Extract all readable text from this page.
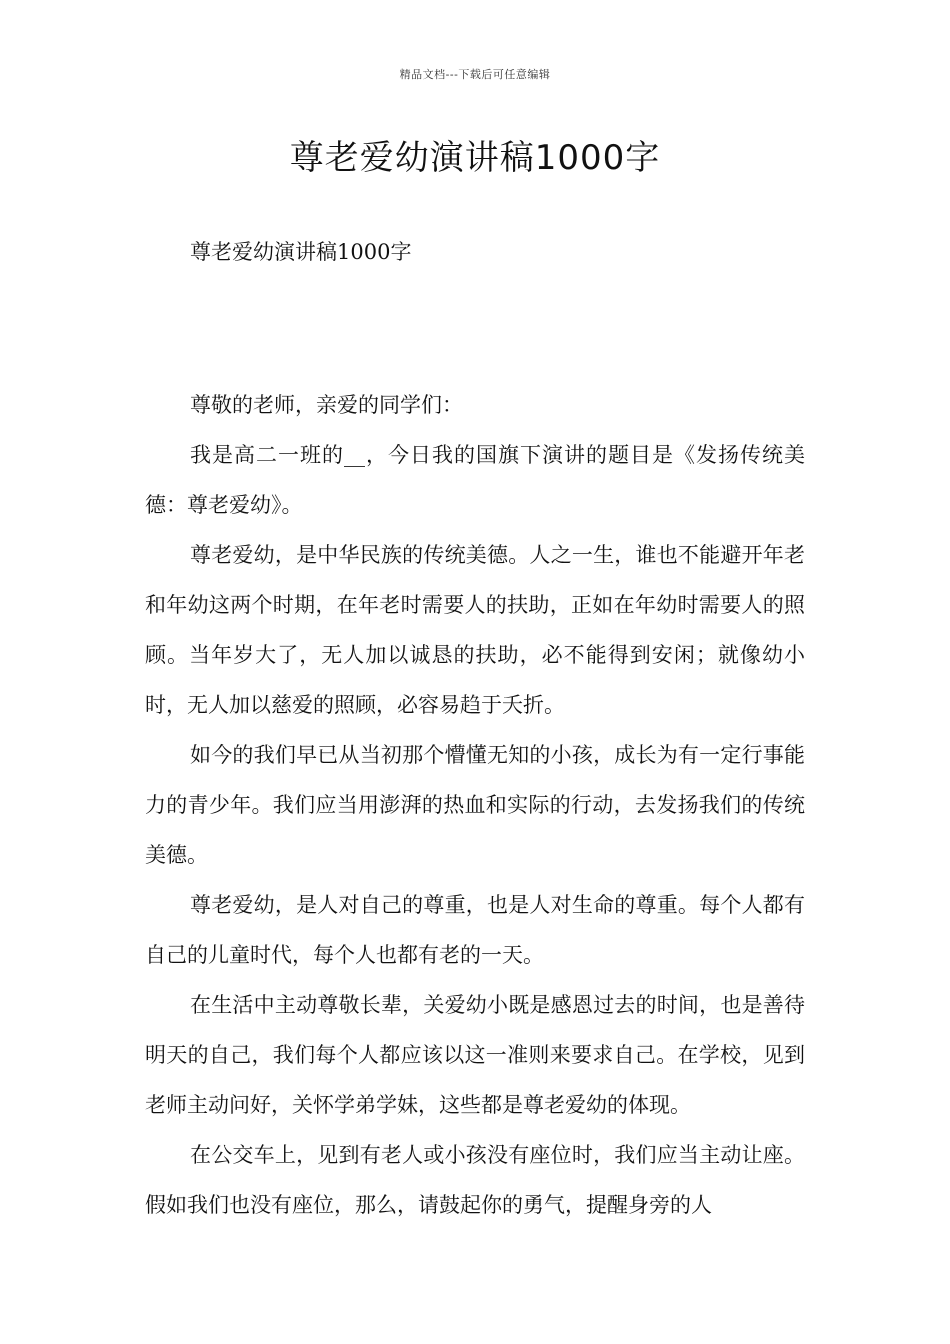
精品文档---下载后可任意编辑
尊老爱幼演讲稿1000字
尊老爱幼演讲稿1000字

尊敬的老师，亲爱的同学们：

我是高二一班的__，今日我的国旗下演讲的题目是《发扬传统美德：尊老爱幼》。

尊老爱幼，是中华民族的传统美德。人之一生，谁也不能避开年老和年幼这两个时期，在年老时需要人的扶助，正如在年幼时需要人的照顾。当年岁大了，无人加以诚恳的扶助，必不能得到安闲；就像幼小时，无人加以慈爱的照顾，必容易趋于夭折。

如今的我们早已从当初那个懵懂无知的小孩，成长为有一定行事能力的青少年。我们应当用澎湃的热血和实际的行动，去发扬我们的传统美德。

尊老爱幼，是人对自己的尊重，也是人对生命的尊重。每个人都有自己的儿童时代，每个人也都有老的一天。

在生活中主动尊敬长辈，关爱幼小既是感恩过去的时间，也是善待明天的自己，我们每个人都应该以这一准则来要求自己。在学校，见到老师主动问好，关怀学弟学妹，这些都是尊老爱幼的体现。

在公交车上，见到有老人或小孩没有座位时，我们应当主动让座。假如我们也没有座位，那么，请鼓起你的勇气，提醒身旁的人
